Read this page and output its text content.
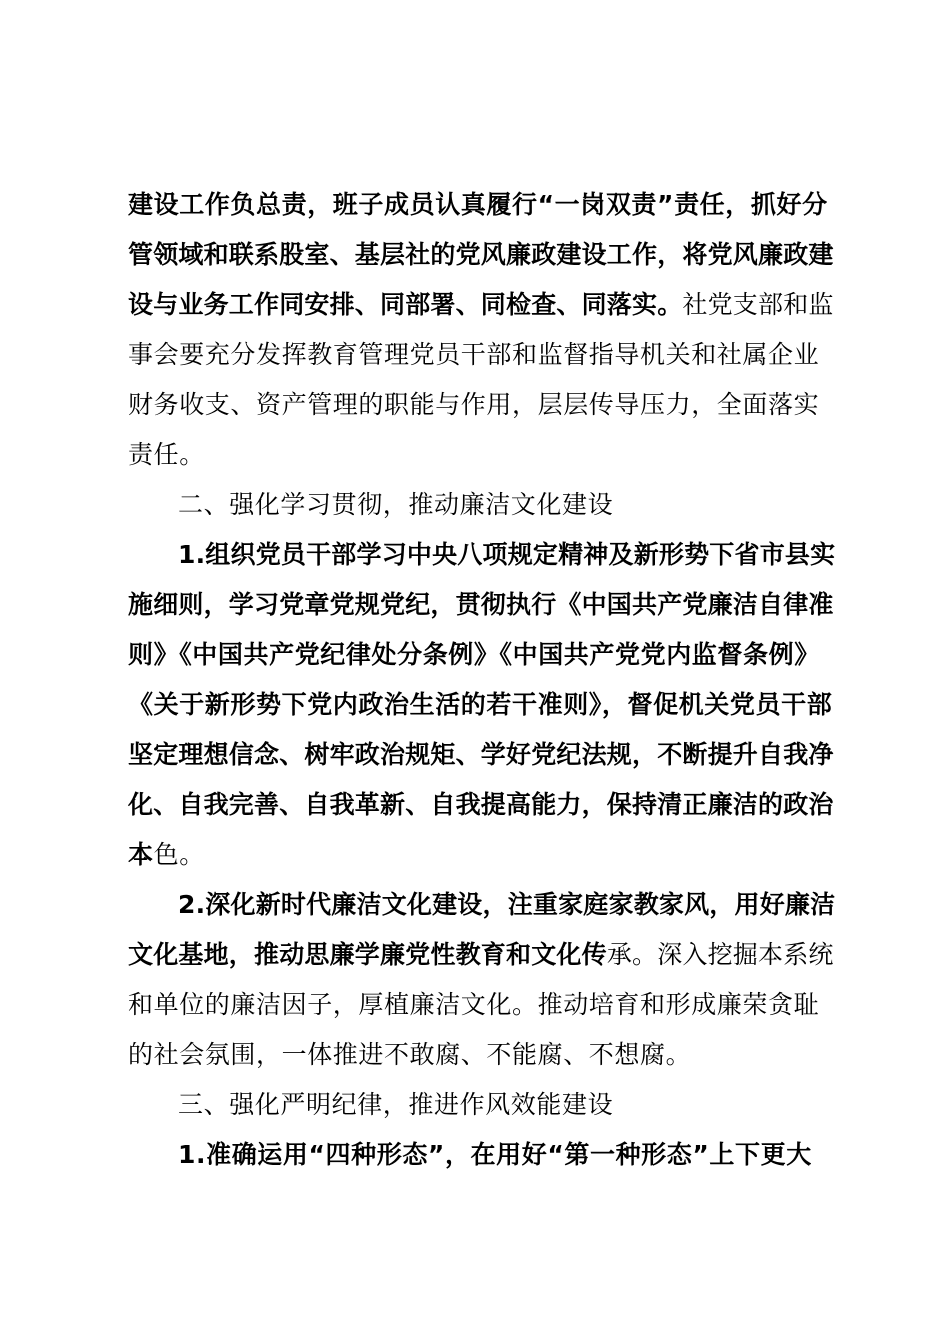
建设工作负总责，班子成员认真履行“一岗双责”责任，抓好分
管领域和联系股室、基层社的党风廉政建设工作，将党风廉政建
设与业务工作同安排、同部署、同检查、同落实。社党支部和监
事会要充分发挥教育管理党员干部和监督指导机关和社属企业
财务收支、资产管理的职能与作用，层层传导压力，全面落实
责任。
二、强化学习贯彻，推动廉洁文化建设
1.组织党员干部学习中央八项规定精神及新形势下省市县实
施细则，学习党章党规党纪，贯彻执行《中国共产党廉洁自律准
则》《中国共产党纪律处分条例》《中国共产党党内监督条例》
《关于新形势下党内政治生活的若干准则》，督促机关党员干部
坚定理想信念、树牢政治规矩、学好党纪法规，不断提升自我净
化、自我完善、自我革新、自我提高能力，保持清正廉洁的政治
本色。
2.深化新时代廉洁文化建设，注重家庭家教家风，用好廉洁
文化基地，推动思廉学廉党性教育和文化传承。深入挖掘本系统
和单位的廉洁因子，厚植廉洁文化。推动培育和形成廉荣贪耻
的社会氛围，一体推进不敢腐、不能腐、不想腐。
三、强化严明纪律，推进作风效能建设
1.准确运用“四种形态”，在用好“第一种形态”上下更大
